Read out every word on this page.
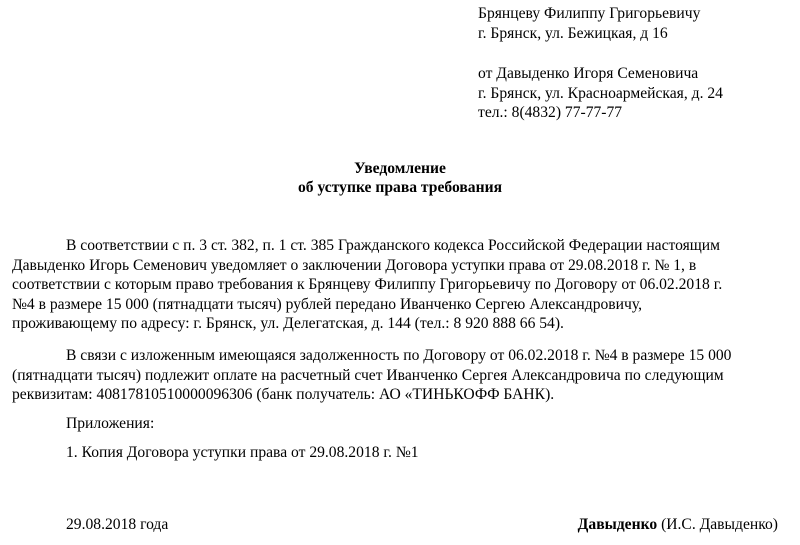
Брянцеву Филиппу Григорьевичу
г. Брянск, ул. Бежицкая, д 16
от Давыденко Игоря Семеновича
г. Брянск, ул. Красноармейская, д. 24
тел.: 8(4832) 77-77-77
Уведомление
об уступке права требования
В соответствии с п. 3 ст. 382, п. 1 ст. 385 Гражданского кодекса Российской Федерации настоящим
Давыденко Игорь Семенович уведомляет о заключении Договора уступки права от 29.08.2018 г. № 1, в
соответствии с которым право требования к Брянцеву Филиппу Григорьевичу по Договору от 06.02.2018 г.
№4 в размере 15 000 (пятнадцати тысяч) рублей передано Иванченко Сергею Александровичу,
проживающему по адресу: г. Брянск, ул. Делегатская, д. 144 (тел.: 8 920 888 66 54).
В связи с изложенным имеющаяся задолженность по Договору от 06.02.2018 г. №4 в размере 15 000
(пятнадцати тысяч) подлежит оплате на расчетный счет Иванченко Сергея Александровича по следующим
реквизитам: 40817810510000096306 (банк получатель: АО «ТИНЬКОФФ БАНК).
Приложения:
1. Копия Договора уступки права от 29.08.2018 г. №1
29.08.2018 года	Давыденко (И.С. Давыденко)
